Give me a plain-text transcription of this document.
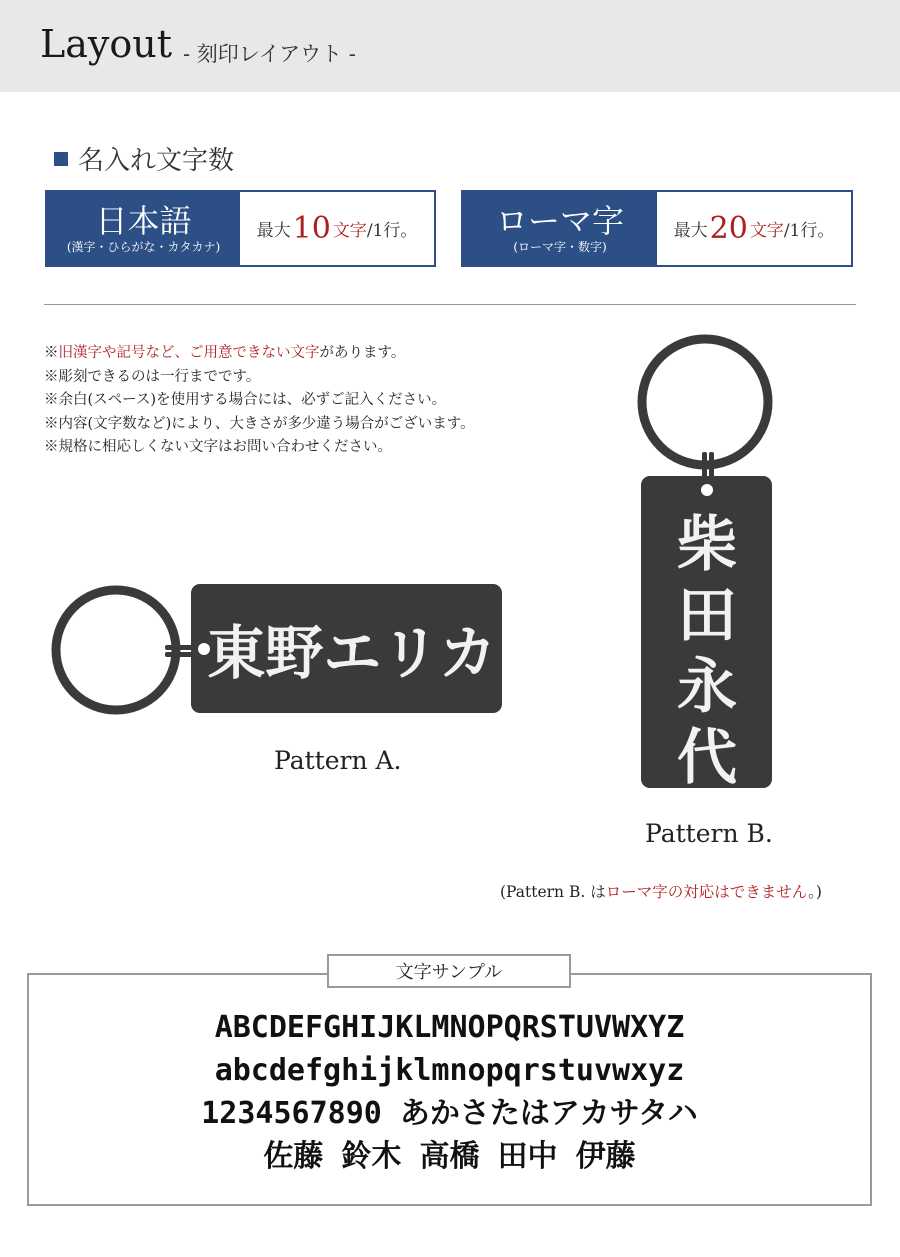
Layout - 刻印レイアウト -
名入れ文字数
日本語
(漢字・ひらがな・カタカナ)
最大 10 文字 /1行。 ローマ字
(ローマ字・数字)
最大 20 文字 /1行。
※旧漢字や記号など、ご用意できない文字があります。
※彫刻できるのは一行までです。
※余白(スペース)を使用する場合には、必ずご記入ください。
※内容(文字数など)により、大きさが多少違う場合がございます。
※規格に相応しくない文字はお問い合わせください。
東野エリカ
Pattern A.
柴
田
永
代
Pattern B.
(Pattern B. はローマ字の対応はできません。)
文字サンプル
ABCDEFGHIJKLMNOPQRSTUVWXYZ
abcdefghijklmnopqrstuvwxyz
1234567890 あかさたはアカサタハ
佐藤 鈴木 高橋 田中 伊藤
